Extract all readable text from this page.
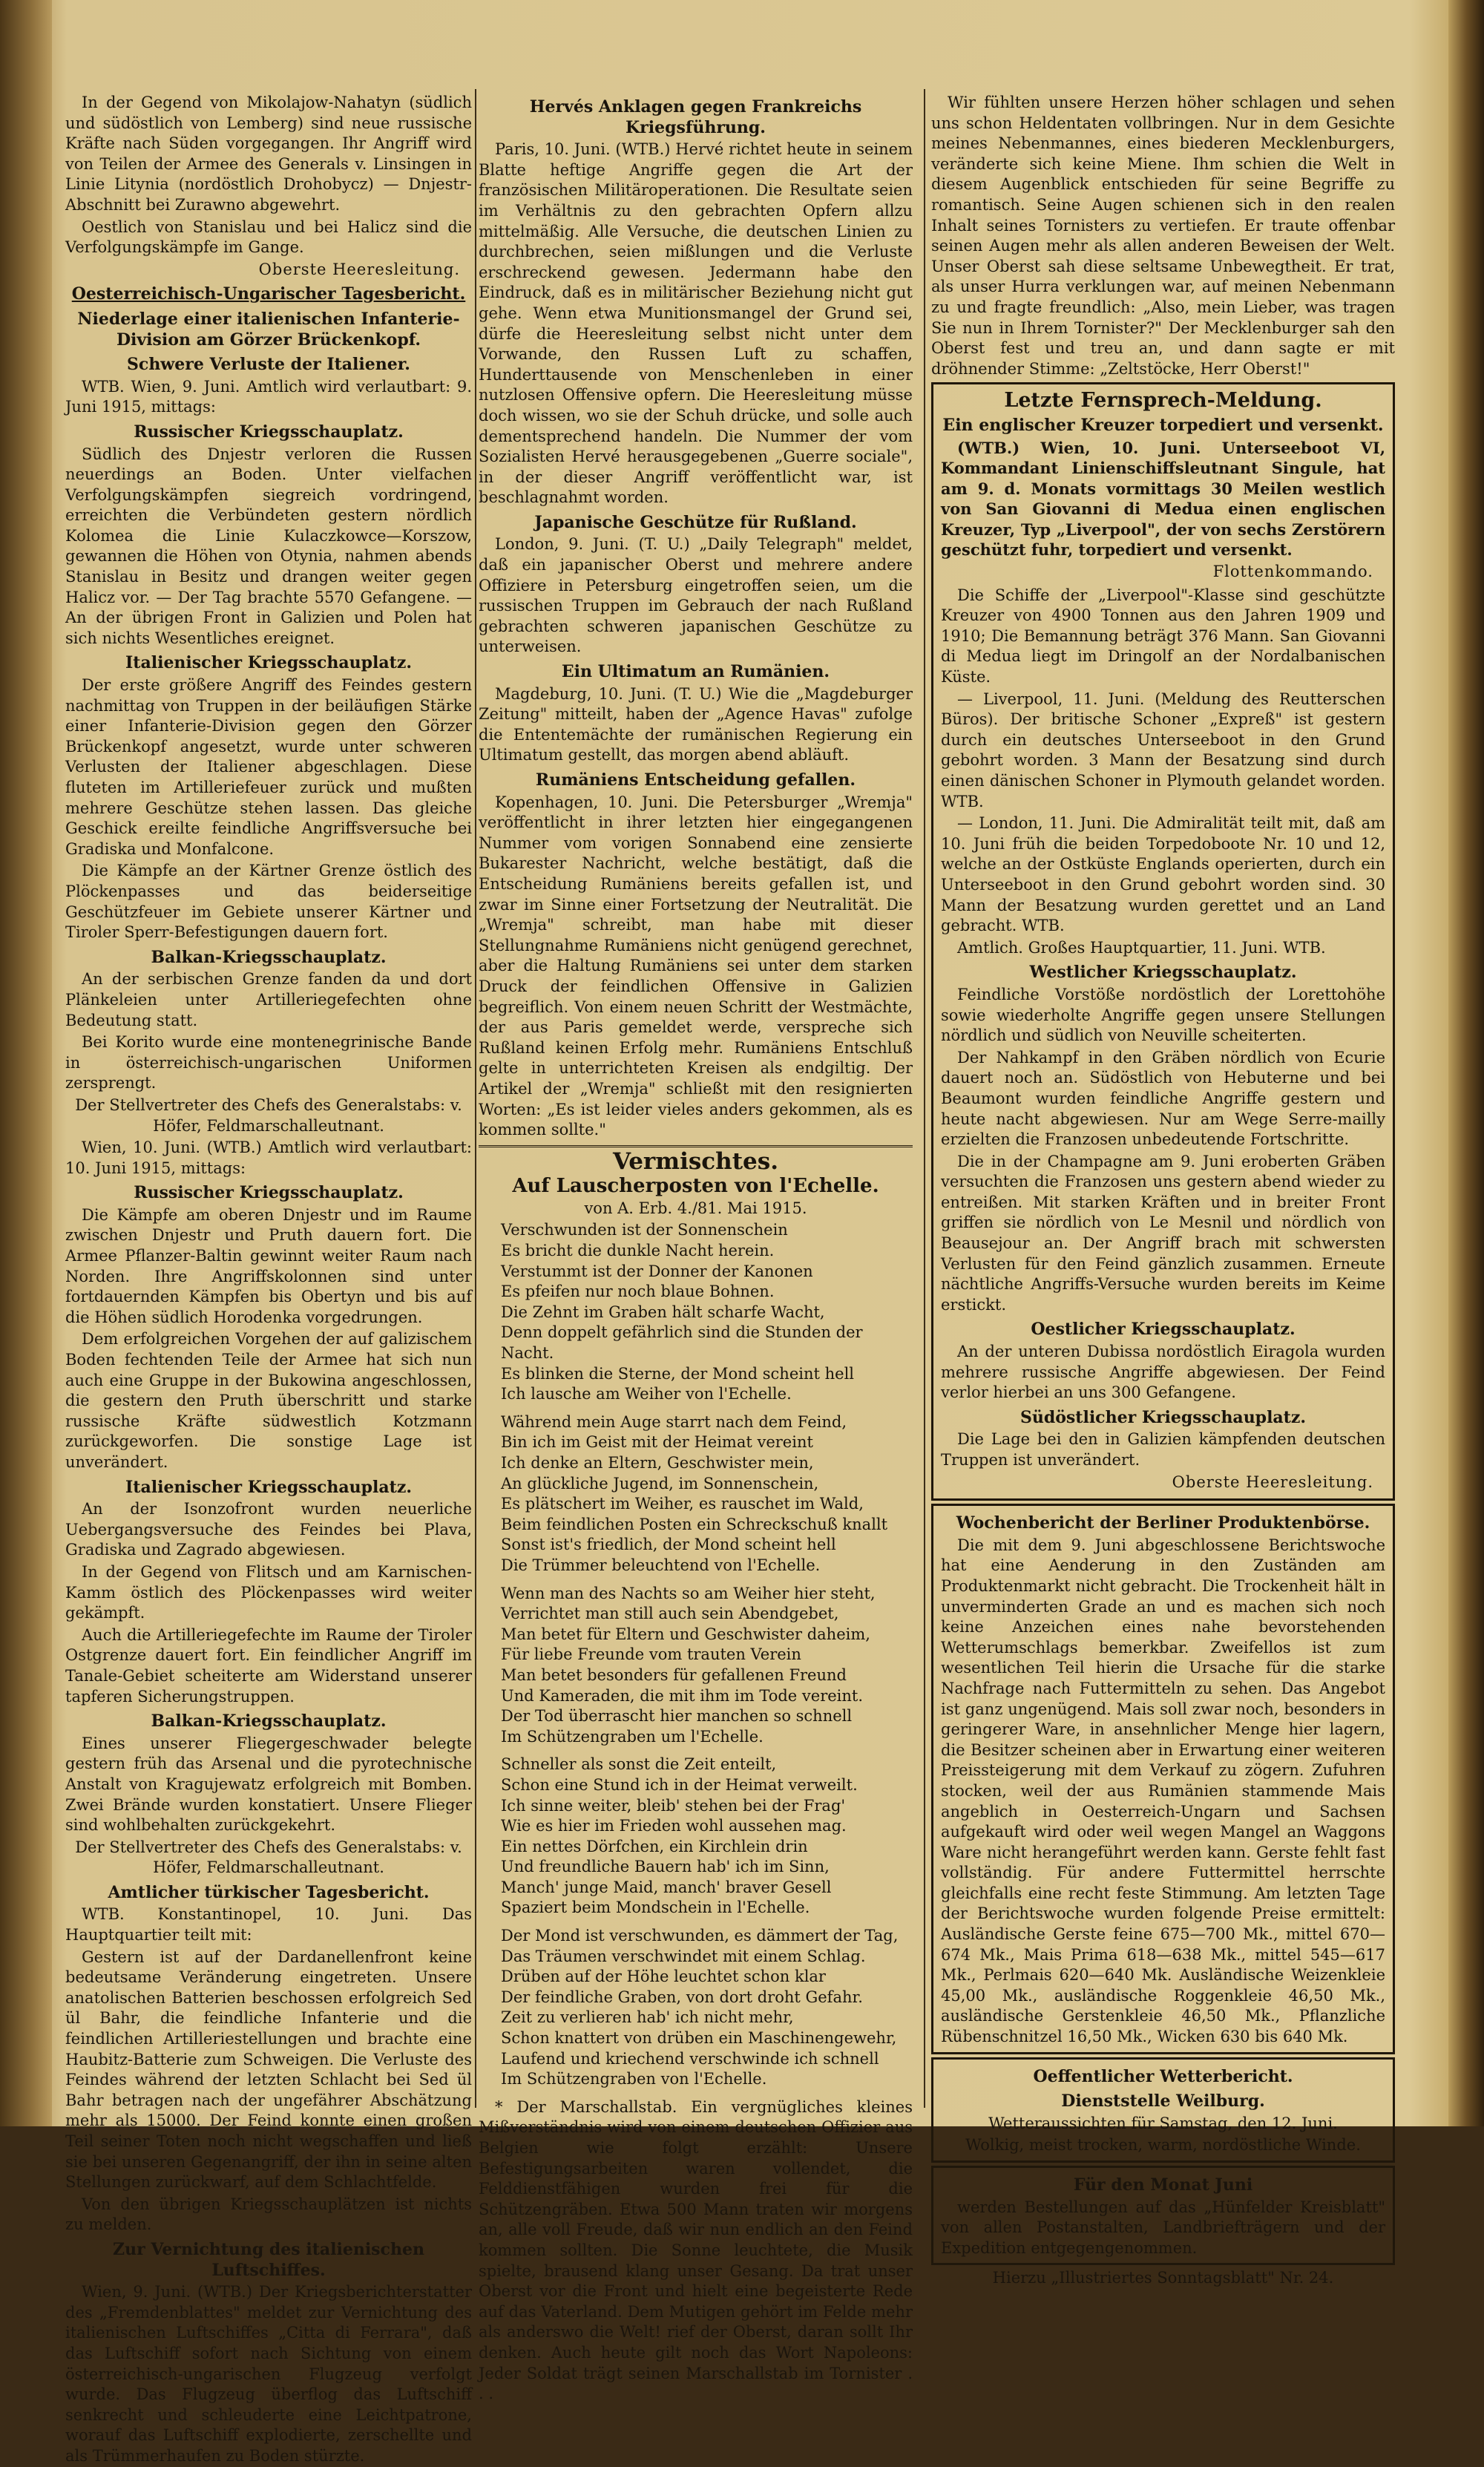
In der Gegend von Mikolajow-Nahatyn (südlich und südöstlich von Lemberg) sind neue russische Kräfte nach Süden vorgegangen. Ihr Angriff wird von Teilen der Armee des Generals v. Linsingen in Linie Litynia (nordöstlich Drohobycz) — Dnjestr-Abschnitt bei Zurawno abgewehrt.

Oestlich von Stanislau und bei Halicz sind die Verfolgungskämpfe im Gange.

Oberste Heeresleitung.

Oesterreichisch-Ungarischer Tagesbericht.
Niederlage einer italienischen Infanterie-Division am Görzer Brückenkopf.
Schwere Verluste der Italiener.

WTB. Wien, 9. Juni. Amtlich wird verlautbart: 9. Juni 1915, mittags:

Russischer Kriegsschauplatz.

Südlich des Dnjestr verloren die Russen neuerdings an Boden. Unter vielfachen Verfolgungskämpfen siegreich vordringend, erreichten die Verbündeten gestern nördlich Kolomea die Linie Kulaczkowce—Korszow, gewannen die Höhen von Otynia, nahmen abends Stanislau in Besitz und drangen weiter gegen Halicz vor. — Der Tag brachte 5570 Gefangene. — An der übrigen Front in Galizien und Polen hat sich nichts Wesentliches ereignet.

Italienischer Kriegsschauplatz.

Der erste größere Angriff des Feindes gestern nachmittag von Truppen in der beiläufigen Stärke einer Infanterie-Division gegen den Görzer Brückenkopf angesetzt, wurde unter schweren Verlusten der Italiener abgeschlagen. Diese fluteten im Artilleriefeuer zurück und mußten mehrere Geschütze stehen lassen. Das gleiche Geschick ereilte feindliche Angriffsversuche bei Gradiska und Monfalcone.

Die Kämpfe an der Kärtner Grenze östlich des Plöckenpasses und das beiderseitige Geschützfeuer im Gebiete unserer Kärtner und Tiroler Sperr-Befestigungen dauern fort.

Balkan-Kriegsschauplatz.

An der serbischen Grenze fanden da und dort Plänkeleien unter Artilleriegefechten ohne Bedeutung statt.

Bei Korito wurde eine montenegrinische Bande in österreichisch-ungarischen Uniformen zersprengt.

Der Stellvertreter des Chefs des Generalstabs: v. Höfer, Feldmarschalleutnant.

Wien, 10. Juni. (WTB.) Amtlich wird verlautbart: 10. Juni 1915, mittags:

Russischer Kriegsschauplatz.

Die Kämpfe am oberen Dnjestr und im Raume zwischen Dnjestr und Pruth dauern fort. Die Armee Pflanzer-Baltin gewinnt weiter Raum nach Norden. Ihre Angriffskolonnen sind unter fortdauernden Kämpfen bis Obertyn und bis auf die Höhen südlich Horodenka vorgedrungen.

Dem erfolgreichen Vorgehen der auf galizischem Boden fechtenden Teile der Armee hat sich nun auch eine Gruppe in der Bukowina angeschlossen, die gestern den Pruth überschritt und starke russische Kräfte südwestlich Kotzmann zurückgeworfen. Die sonstige Lage ist unverändert.

Italienischer Kriegsschauplatz.

An der Isonzofront wurden neuerliche Uebergangsversuche des Feindes bei Plava, Gradiska und Zagrado abgewiesen.

In der Gegend von Flitsch und am Karnischen-Kamm östlich des Plöckenpasses wird weiter gekämpft.

Auch die Artilleriegefechte im Raume der Tiroler Ostgrenze dauert fort. Ein feindlicher Angriff im Tanale-Gebiet scheiterte am Widerstand unserer tapferen Sicherungstruppen.

Balkan-Kriegsschauplatz.

Eines unserer Fliegergeschwader belegte gestern früh das Arsenal und die pyrotechnische Anstalt von Kragujewatz erfolgreich mit Bomben. Zwei Brände wurden konstatiert. Unsere Flieger sind wohlbehalten zurückgekehrt.

Der Stellvertreter des Chefs des Generalstabs: v. Höfer, Feldmarschalleutnant.

Amtlicher türkischer Tagesbericht.

WTB. Konstantinopel, 10. Juni. Das Hauptquartier teilt mit:

Gestern ist auf der Dardanellenfront keine bedeutsame Veränderung eingetreten. Unsere anatolischen Batterien beschossen erfolgreich Sed ül Bahr, die feindliche Infanterie und die feindlichen Artilleriestellungen und brachte eine Haubitz-Batterie zum Schweigen. Die Verluste des Feindes während der letzten Schlacht bei Sed ül Bahr betragen nach der ungefährer Abschätzung mehr als 15000. Der Feind konnte einen großen Teil seiner Toten noch nicht wegschaffen und ließ sie bei unseren Gegenangriff, der ihn in seine alten Stellungen zurückwarf, auf dem Schlachtfelde.

Von den übrigen Kriegsschauplätzen ist nichts zu melden.

Zur Vernichtung des italienischen Luftschiffes.

Wien, 9. Juni. (WTB.) Der Kriegsberichterstatter des „Fremdenblattes" meldet zur Vernichtung des italienischen Luftschiffes „Citta di Ferrara", daß das Luftschiff sofort nach Sichtung von einem österreichisch-ungarischen Flugzeug verfolgt wurde. Das Flugzeug überflog das Luftschiff senkrecht und schleuderte eine Leichtpatrone, worauf das Luftschiff explodierte, zerschellte und als Trümmerhaufen zu Boden stürzte.

Hervés Anklagen gegen Frankreichs Kriegsführung.

Paris, 10. Juni. (WTB.) Hervé richtet heute in seinem Blatte heftige Angriffe gegen die Art der französischen Militäroperationen. Die Resultate seien im Verhältnis zu den gebrachten Opfern allzu mittelmäßig. Alle Versuche, die deutschen Linien zu durchbrechen, seien mißlungen und die Verluste erschreckend gewesen. Jedermann habe den Eindruck, daß es in militärischer Beziehung nicht gut gehe. Wenn etwa Munitionsmangel der Grund sei, dürfe die Heeresleitung selbst nicht unter dem Vorwande, den Russen Luft zu schaffen, Hunderttausende von Menschenleben in einer nutzlosen Offensive opfern. Die Heeresleitung müsse doch wissen, wo sie der Schuh drücke, und solle auch dementsprechend handeln. Die Nummer der vom Sozialisten Hervé herausgegebenen „Guerre sociale", in der dieser Angriff veröffentlicht war, ist beschlagnahmt worden.

Japanische Geschütze für Rußland.

London, 9. Juni. (T. U.) „Daily Telegraph" meldet, daß ein japanischer Oberst und mehrere andere Offiziere in Petersburg eingetroffen seien, um die russischen Truppen im Gebrauch der nach Rußland gebrachten schweren japanischen Geschütze zu unterweisen.

Ein Ultimatum an Rumänien.

Magdeburg, 10. Juni. (T. U.) Wie die „Magdeburger Zeitung" mitteilt, haben der „Agence Havas" zufolge die Ententemächte der rumänischen Regierung ein Ultimatum gestellt, das morgen abend abläuft.

Rumäniens Entscheidung gefallen.

Kopenhagen, 10. Juni. Die Petersburger „Wremja" veröffentlicht in ihrer letzten hier eingegangenen Nummer vom vorigen Sonnabend eine zensierte Bukarester Nachricht, welche bestätigt, daß die Entscheidung Rumäniens bereits gefallen ist, und zwar im Sinne einer Fortsetzung der Neutralität. Die „Wremja" schreibt, man habe mit dieser Stellungnahme Rumäniens nicht genügend gerechnet, aber die Haltung Rumäniens sei unter dem starken Druck der feindlichen Offensive in Galizien begreiflich. Von einem neuen Schritt der Westmächte, der aus Paris gemeldet werde, verspreche sich Rußland keinen Erfolg mehr. Rumäniens Entschluß gelte in unterrichteten Kreisen als endgiltig. Der Artikel der „Wremja" schließt mit den resignierten Worten: „Es ist leider vieles anders gekommen, als es kommen sollte."

Vermischtes.
Auf Lauscherposten von l'Echelle.

von A. Erb. 4./81. Mai 1915.

Verschwunden ist der Sonnenschein
Es bricht die dunkle Nacht herein.
Verstummt ist der Donner der Kanonen
Es pfeifen nur noch blaue Bohnen.
Die Zehnt im Graben hält scharfe Wacht,
Denn doppelt gefährlich sind die Stunden der Nacht.
Es blinken die Sterne, der Mond scheint hell
Ich lausche am Weiher von l'Echelle.
Während mein Auge starrt nach dem Feind,
Bin ich im Geist mit der Heimat vereint
Ich denke an Eltern, Geschwister mein,
An glückliche Jugend, im Sonnenschein,
Es plätschert im Weiher, es rauschet im Wald,
Beim feindlichen Posten ein Schreckschuß knallt
Sonst ist's friedlich, der Mond scheint hell
Die Trümmer beleuchtend von l'Echelle.
Wenn man des Nachts so am Weiher hier steht,
Verrichtet man still auch sein Abendgebet,
Man betet für Eltern und Geschwister daheim,
Für liebe Freunde vom trauten Verein
Man betet besonders für gefallenen Freund
Und Kameraden, die mit ihm im Tode vereint.
Der Tod überrascht hier manchen so schnell
Im Schützengraben um l'Echelle.
Schneller als sonst die Zeit enteilt,
Schon eine Stund ich in der Heimat verweilt.
Ich sinne weiter, bleib' stehen bei der Frag'
Wie es hier im Frieden wohl aussehen mag.
Ein nettes Dörfchen, ein Kirchlein drin
Und freundliche Bauern hab' ich im Sinn,
Manch' junge Maid, manch' braver Gesell
Spaziert beim Mondschein in l'Echelle.
Der Mond ist verschwunden, es dämmert der Tag,
Das Träumen verschwindet mit einem Schlag.
Drüben auf der Höhe leuchtet schon klar
Der feindliche Graben, von dort droht Gefahr.
Zeit zu verlieren hab' ich nicht mehr,
Schon knattert von drüben ein Maschinengewehr,
Laufend und kriechend verschwinde ich schnell
Im Schützengraben von l'Echelle.

* Der Marschallstab. Ein vergnügliches kleines Mißverständnis wird von einem deutschen Offizier aus Belgien wie folgt erzählt: Unsere Befestigungsarbeiten waren vollendet, die Felddienstfähigen wurden frei für die Schützengräben. Etwa 500 Mann traten wir morgens an, alle voll Freude, daß wir nun endlich an den Feind kommen sollten. Die Sonne leuchtete, die Musik spielte, brausend klang unser Gesang. Da trat unser Oberst vor die Front und hielt eine begeisterte Rede auf das Vaterland. Dem Mutigen gehört im Felde mehr als anderswo die Welt! rief der Oberst, daran sollt Ihr denken. Auch heute gilt noch das Wort Napoleons: Jeder Soldat trägt seinen Marschallstab im Tornister . . .

Wir fühlten unsere Herzen höher schlagen und sehen uns schon Heldentaten vollbringen. Nur in dem Gesichte meines Nebenmannes, eines biederen Mecklenburgers, veränderte sich keine Miene. Ihm schien die Welt in diesem Augenblick entschieden für seine Begriffe zu romantisch. Seine Augen schienen sich in den realen Inhalt seines Tornisters zu vertiefen. Er traute offenbar seinen Augen mehr als allen anderen Beweisen der Welt. Unser Oberst sah diese seltsame Unbewegtheit. Er trat, als unser Hurra verklungen war, auf meinen Nebenmann zu und fragte freundlich: „Also, mein Lieber, was tragen Sie nun in Ihrem Tornister?" Der Mecklenburger sah den Oberst fest und treu an, und dann sagte er mit dröhnender Stimme: „Zeltstöcke, Herr Oberst!"

Letzte Fernsprech-Meldung.
Ein englischer Kreuzer torpediert und versenkt.

(WTB.) Wien, 10. Juni. Unterseeboot VI, Kommandant Linienschiffsleutnant Singule, hat am 9. d. Monats vormittags 30 Meilen westlich von San Giovanni di Medua einen englischen Kreuzer, Typ „Liverpool", der von sechs Zerstörern geschützt fuhr, torpediert und versenkt.

Flottenkommando.

Die Schiffe der „Liverpool"-Klasse sind geschützte Kreuzer von 4900 Tonnen aus den Jahren 1909 und 1910; Die Bemannung beträgt 376 Mann. San Giovanni di Medua liegt im Dringolf an der Nordalbanischen Küste.

— Liverpool, 11. Juni. (Meldung des Reutterschen Büros). Der britische Schoner „Expreß" ist gestern durch ein deutsches Unterseeboot in den Grund gebohrt worden. 3 Mann der Besatzung sind durch einen dänischen Schoner in Plymouth gelandet worden. WTB.

— London, 11. Juni. Die Admiralität teilt mit, daß am 10. Juni früh die beiden Torpedoboote Nr. 10 und 12, welche an der Ostküste Englands operierten, durch ein Unterseeboot in den Grund gebohrt worden sind. 30 Mann der Besatzung wurden gerettet und an Land gebracht. WTB.

Amtlich. Großes Hauptquartier, 11. Juni. WTB.

Westlicher Kriegsschauplatz.

Feindliche Vorstöße nordöstlich der Lorettohöhe sowie wiederholte Angriffe gegen unsere Stellungen nördlich und südlich von Neuville scheiterten.

Der Nahkampf in den Gräben nördlich von Ecurie dauert noch an. Südöstlich von Hebuterne und bei Beaumont wurden feindliche Angriffe gestern und heute nacht abgewiesen. Nur am Wege Serre-mailly erzielten die Franzosen unbedeutende Fortschritte.

Die in der Champagne am 9. Juni eroberten Gräben versuchten die Franzosen uns gestern abend wieder zu entreißen. Mit starken Kräften und in breiter Front griffen sie nördlich von Le Mesnil und nördlich von Beausejour an. Der Angriff brach mit schwersten Verlusten für den Feind gänzlich zusammen. Erneute nächtliche Angriffs-Versuche wurden bereits im Keime erstickt.

Oestlicher Kriegsschauplatz.

An der unteren Dubissa nordöstlich Eiragola wurden mehrere russische Angriffe abgewiesen. Der Feind verlor hierbei an uns 300 Gefangene.

Südöstlicher Kriegsschauplatz.

Die Lage bei den in Galizien kämpfenden deutschen Truppen ist unverändert.

Oberste Heeresleitung.

Wochenbericht der Berliner Produktenbörse.

Die mit dem 9. Juni abgeschlossene Berichtswoche hat eine Aenderung in den Zuständen am Produktenmarkt nicht gebracht. Die Trockenheit hält in unverminderten Grade an und es machen sich noch keine Anzeichen eines nahe bevorstehenden Wetterumschlags bemerkbar. Zweifellos ist zum wesentlichen Teil hierin die Ursache für die starke Nachfrage nach Futtermitteln zu sehen. Das Angebot ist ganz ungenügend. Mais soll zwar noch, besonders in geringerer Ware, in ansehnlicher Menge hier lagern, die Besitzer scheinen aber in Erwartung einer weiteren Preissteigerung mit dem Verkauf zu zögern. Zufuhren stocken, weil der aus Rumänien stammende Mais angeblich in Oesterreich-Ungarn und Sachsen aufgekauft wird oder weil wegen Mangel an Waggons Ware nicht herangeführt werden kann. Gerste fehlt fast vollständig. Für andere Futtermittel herrschte gleichfalls eine recht feste Stimmung. Am letzten Tage der Berichtswoche wurden folgende Preise ermittelt: Ausländische Gerste feine 675—700 Mk., mittel 670—674 Mk., Mais Prima 618—638 Mk., mittel 545—617 Mk., Perlmais 620—640 Mk. Ausländische Weizenkleie 45,00 Mk., ausländische Roggenkleie 46,50 Mk., ausländische Gerstenkleie 46,50 Mk., Pflanzliche Rübenschnitzel 16,50 Mk., Wicken 630 bis 640 Mk.

Oeffentlicher Wetterbericht.
Dienststelle Weilburg.

Wetteraussichten für Samstag, den 12. Juni.

Wolkig, meist trocken, warm, nordöstliche Winde.

Für den Monat Juni

werden Bestellungen auf das „Hünfelder Kreisblatt" von allen Postanstalten, Landbriefträgern und der Expedition entgegengenommen.

Hierzu „Illustriertes Sonntagsblatt" Nr. 24.
